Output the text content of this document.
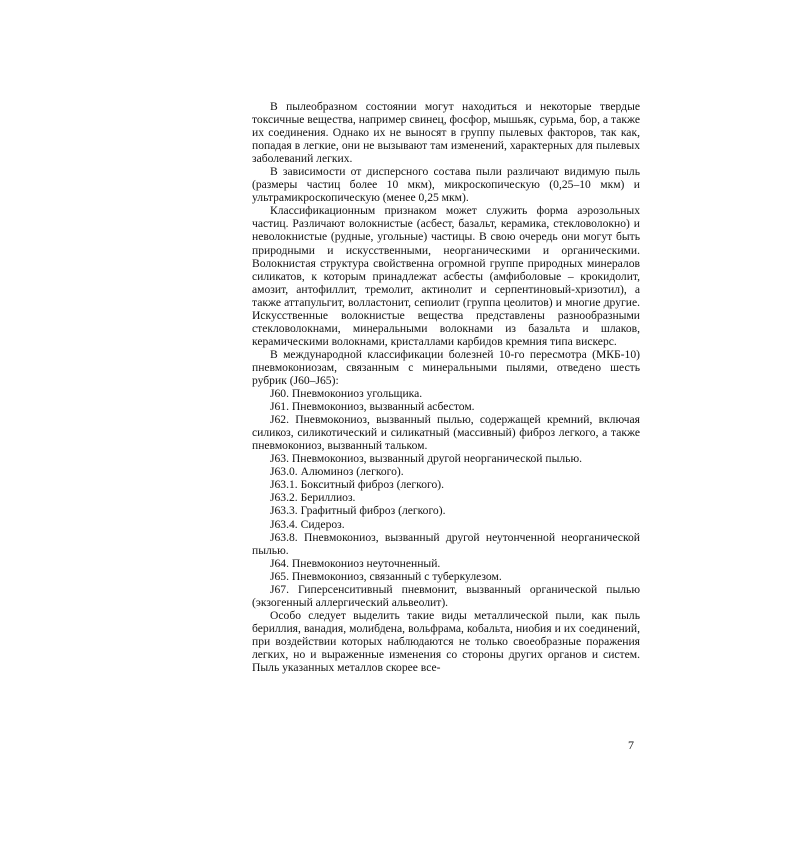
В пылеобразном состоянии могут находиться и некоторые твердые токсичные вещества, например свинец, фосфор, мышьяк, сурьма, бор, а также их соединения. Однако их не выносят в группу пылевых факторов, так как, попадая в легкие, они не вызывают там изменений, характерных для пылевых заболеваний легких.

В зависимости от дисперсного состава пыли различают видимую пыль (размеры частиц более 10 мкм), микроскопическую (0,25–10 мкм) и ультрамикроскопическую (менее 0,25 мкм).

Классификационным признаком может служить форма аэрозольных частиц. Различают волокнистые (асбест, базальт, керамика, стекловолокно) и неволокнистые (рудные, угольные) частицы. В свою очередь они могут быть природными и искусственными, неорганическими и органическими. Волокнистая структура свойственна огромной группе природных минералов силикатов, к которым принадлежат асбесты (амфиболовые – крокидолит, амозит, антофиллит, тремолит, актинолит и серпентиновый-хризотил), а также аттапульгит, волластонит, сепиолит (группа цеолитов) и многие другие. Искусственные волокнистые вещества представлены разнообразными стекловолокнами, минеральными волокнами из базальта и шлаков, керамическими волокнами, кристаллами карбидов кремния типа вискерс.

В международной классификации болезней 10-го пересмотра (МКБ-10) пневмокониозам, связанным с минеральными пылями, отведено шесть рубрик (J60–J65):

J60. Пневмокониоз угольщика.

J61. Пневмокониоз, вызванный асбестом.

J62. Пневмокониоз, вызванный пылью, содержащей кремний, включая силикоз, силикотический и силикатный (массивный) фиброз легкого, а также пневмокониоз, вызванный тальком.

J63. Пневмокониоз, вызванный другой неорганической пылью.

J63.0. Алюминоз (легкого).

J63.1. Бокситный фиброз (легкого).

J63.2. Бериллиоз.

J63.3. Графитный фиброз (легкого).

J63.4. Сидероз.

J63.8. Пневмокониоз, вызванный другой неутонченной неорганической пылью.

J64. Пневмокониоз неуточненный.

J65. Пневмокониоз, связанный с туберкулезом.

J67. Гиперсенситивный пневмонит, вызванный органической пылью (экзогенный аллергический альвеолит).

Особо следует выделить такие виды металлической пыли, как пыль бериллия, ванадия, молибдена, вольфрама, кобальта, ниобия и их соединений, при воздействии которых наблюдаются не только своеобразные поражения легких, но и выраженные изменения со стороны других органов и систем. Пыль указанных металлов скорее все-

7
